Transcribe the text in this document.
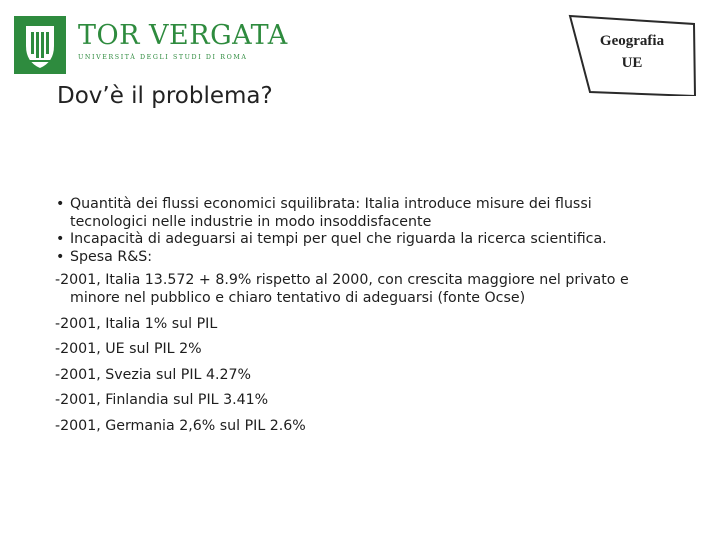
TOR VERGATA
UNIVERSITÀ DEGLI STUDI DI ROMA
Geografia
UE
Dov’è il problema?
• Quantità dei flussi economici squilibrata: Italia introduce misure dei flussi tecnologici nelle industrie in modo insoddisfacente
• Incapacità di adeguarsi ai tempi per quel che riguarda la ricerca scientifica.
• Spesa R&S:
-2001, Italia 13.572 + 8.9% rispetto al 2000, con crescita maggiore nel privato e minore nel pubblico e chiaro tentativo di adeguarsi (fonte Ocse)
-2001, Italia 1% sul PIL
-2001, UE sul PIL 2%
-2001, Svezia sul PIL 4.27%
-2001, Finlandia sul PIL 3.41%
-2001, Germania 2,6% sul PIL 2.6%
